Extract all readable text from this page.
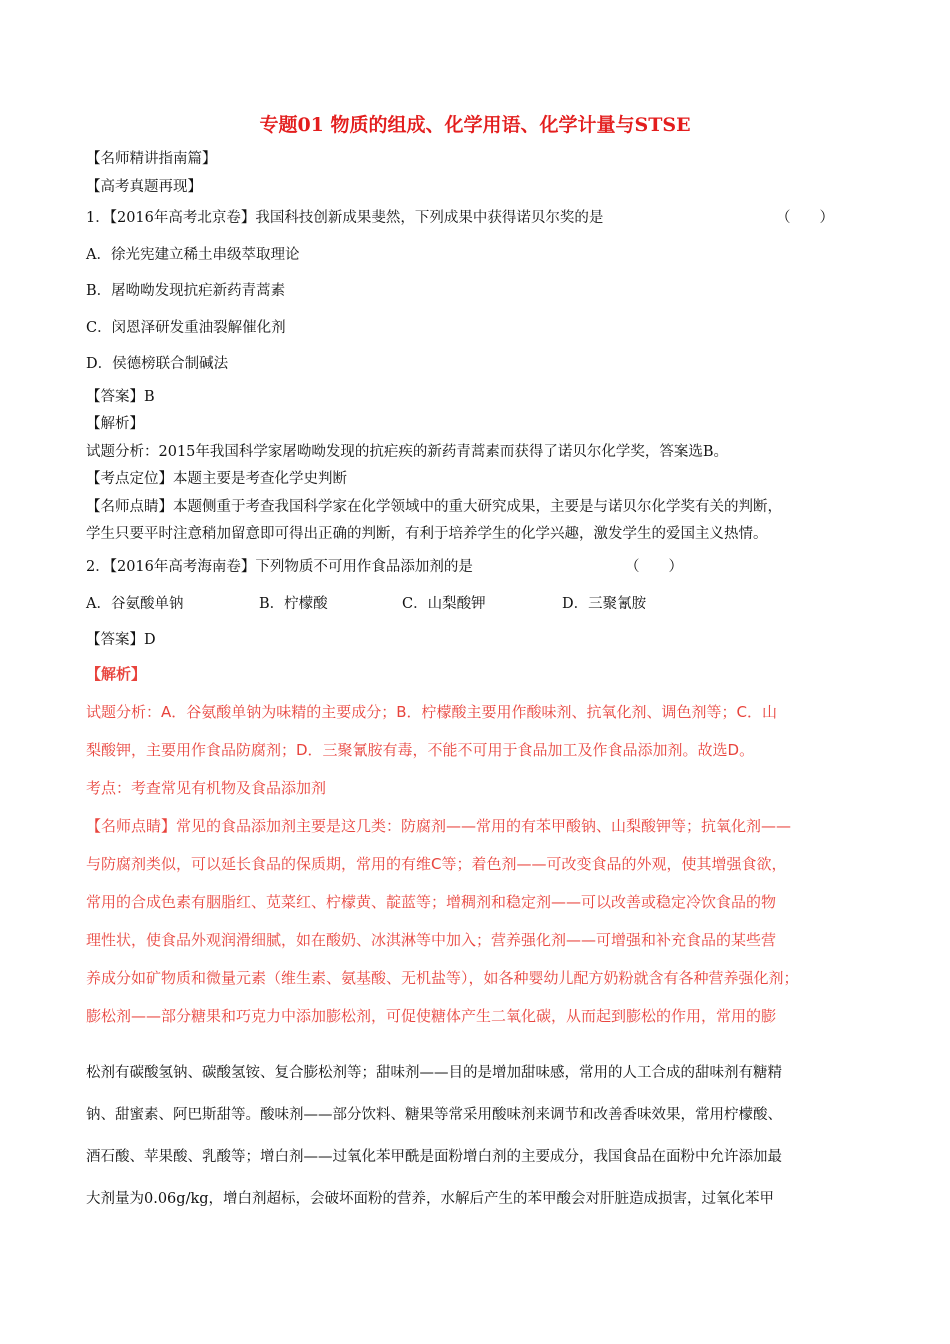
专题01 物质的组成、化学用语、化学计量与STSE
【名师精讲指南篇】
【高考真题再现】
1．【2016年高考北京卷】我国科技创新成果斐然，下列成果中获得诺贝尔奖的是	（　　）
A．徐光宪建立稀土串级萃取理论
B．屠呦呦发现抗疟新药青蒿素
C．闵恩泽研发重油裂解催化剂
D．侯德榜联合制碱法
【答案】B
【解析】
试题分析：2015年我国科学家屠呦呦发现的抗疟疾的新药青蒿素而获得了诺贝尔化学奖，答案选B。
【考点定位】本题主要是考查化学史判断
【名师点睛】本题侧重于考查我国科学家在化学领域中的重大研究成果，主要是与诺贝尔化学奖有关的判断，
学生只要平时注意稍加留意即可得出正确的判断，有利于培养学生的化学兴趣，激发学生的爱国主义热情。
2．【2016年高考海南卷】下列物质不可用作食品添加剂的是	（　　）
A．谷氨酸单钠	B．柠檬酸	C．山梨酸钾	D．三聚氰胺
【答案】D
【解析】
试题分析：A．谷氨酸单钠为味精的主要成分；B．柠檬酸主要用作酸味剂、抗氧化剂、调色剂等；C．山
梨酸钾，主要用作食品防腐剂；D．三聚氰胺有毒，不能不可用于食品加工及作食品添加剂。故选D。
考点：考查常见有机物及食品添加剂
【名师点睛】常见的食品添加剂主要是这几类：防腐剂——常用的有苯甲酸钠、山梨酸钾等；抗氧化剂——
与防腐剂类似，可以延长食品的保质期，常用的有维C等；着色剂——可改变食品的外观，使其增强食欲，
常用的合成色素有胭脂红、苋菜红、柠檬黄、靛蓝等；增稠剂和稳定剂——可以改善或稳定冷饮食品的物
理性状，使食品外观润滑细腻，如在酸奶、冰淇淋等中加入；营养强化剂——可增强和补充食品的某些营
养成分如矿物质和微量元素（维生素、氨基酸、无机盐等），如各种婴幼儿配方奶粉就含有各种营养强化剂；
膨松剂——部分糖果和巧克力中添加膨松剂，可促使糖体产生二氧化碳，从而起到膨松的作用，常用的膨
松剂有碳酸氢钠、碳酸氢铵、复合膨松剂等；甜味剂——目的是增加甜味感，常用的人工合成的甜味剂有糖精
钠、甜蜜素、阿巴斯甜等。酸味剂——部分饮料、糖果等常采用酸味剂来调节和改善香味效果，常用柠檬酸、
酒石酸、苹果酸、乳酸等；增白剂——过氧化苯甲酰是面粉增白剂的主要成分，我国食品在面粉中允许添加最
大剂量为0.06g/kg，增白剂超标，会破坏面粉的营养，水解后产生的苯甲酸会对肝脏造成损害，过氧化苯甲
